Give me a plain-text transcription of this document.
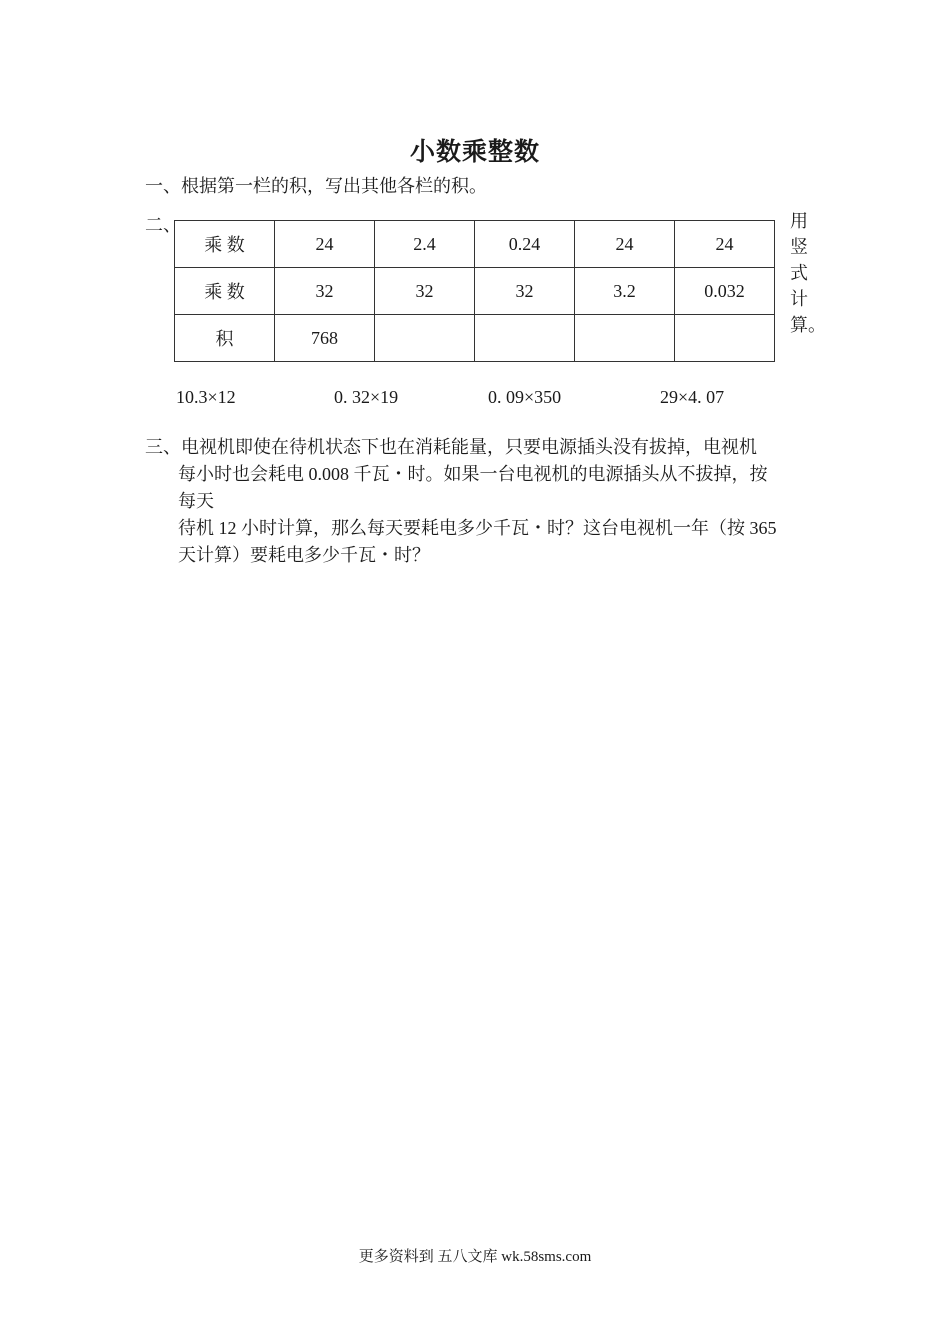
小数乘整数
一、根据第一栏的积，写出其他各栏的积。
二、	用
竖
式
计
算。
乘 数	24	2.4	0.24	24	24
乘 数	32	32	32	3.2	0.032
积	768				
10.3×12	0. 32×19	0. 09×350	29×4. 07
三、电视机即使在待机状态下也在消耗能量，只要电源插头没有拔掉，电视机
每小时也会耗电 0.008 千瓦・时。如果一台电视机的电源插头从不拔掉，按
每天
待机 12 小时计算，那么每天要耗电多少千瓦・时？这台电视机一年（按 365
天计算）要耗电多少千瓦・时？
更多资料到 五八文库 wk.58sms.com
